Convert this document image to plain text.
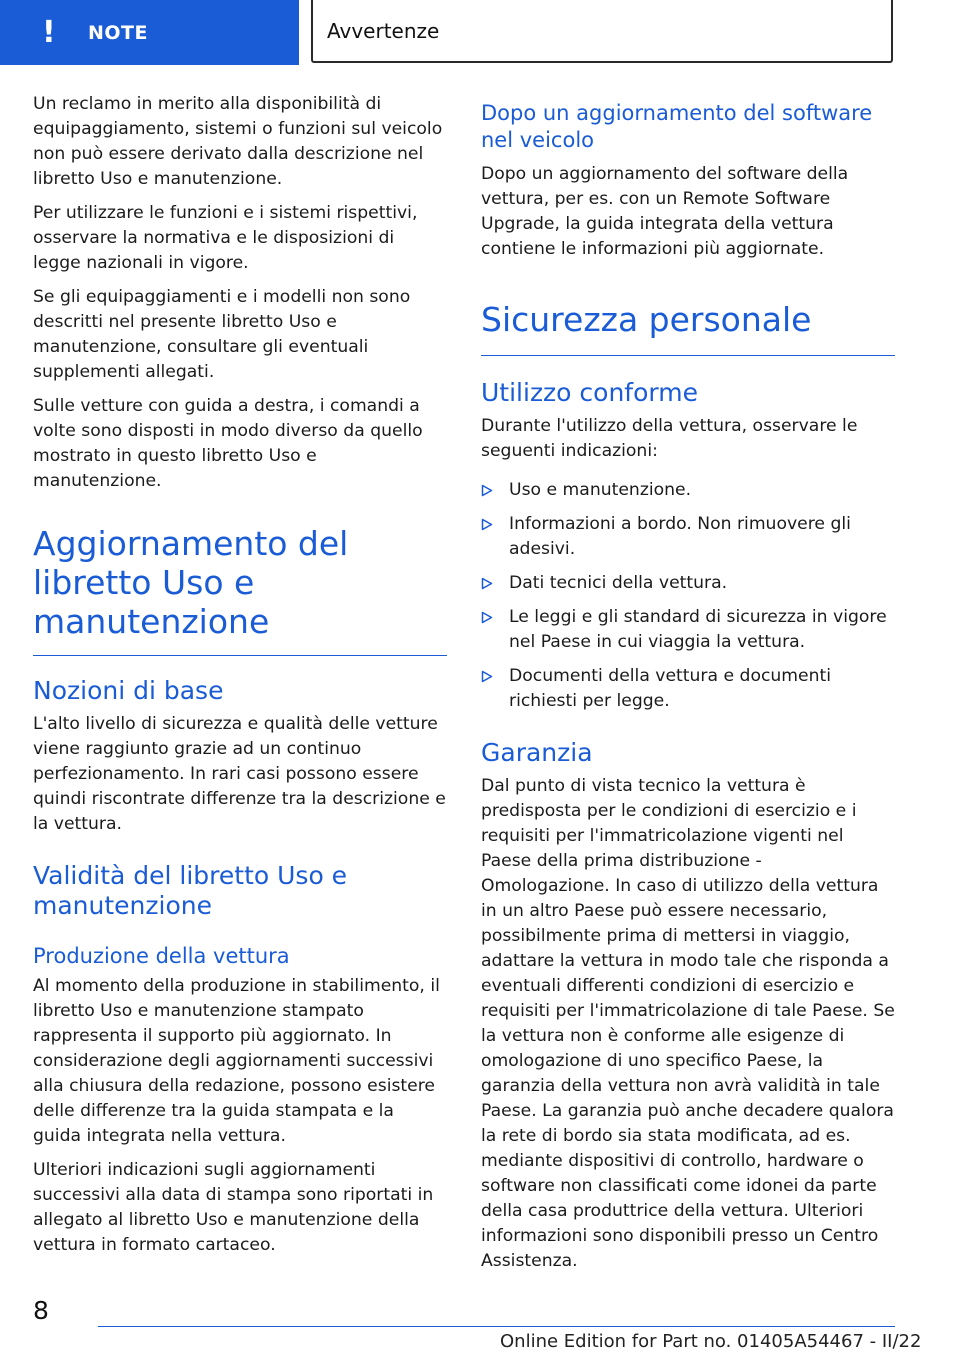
! NOTE	Avvertenze

Un reclamo in merito alla disponibilità di equipaggiamento, sistemi o funzioni sul veicolo non può essere derivato dalla descrizione nel libretto Uso e manutenzione.

Per utilizzare le funzioni e i sistemi rispettivi, osservare la normativa e le disposizioni di legge nazionali in vigore.

Se gli equipaggiamenti e i modelli non sono descritti nel presente libretto Uso e manutenzione, consultare gli eventuali supplementi allegati.

Sulle vetture con guida a destra, i comandi a volte sono disposti in modo diverso da quello mostrato in questo libretto Uso e manutenzione.

Aggiornamento del libretto Uso e manutenzione
Nozioni di base

L'alto livello di sicurezza e qualità delle vetture viene raggiunto grazie ad un continuo perfezionamento. In rari casi possono essere quindi riscontrate differenze tra la descrizione e la vettura.

Validità del libretto Uso e manutenzione
Produzione della vettura

Al momento della produzione in stabilimento, il libretto Uso e manutenzione stampato rappresenta il supporto più aggiornato. In considerazione degli aggiornamenti successivi alla chiusura della redazione, possono esistere delle differenze tra la guida stampata e la guida integrata nella vettura.

Ulteriori indicazioni sugli aggiornamenti successivi alla data di stampa sono riportati in allegato al libretto Uso e manutenzione della vettura in formato cartaceo.

Dopo un aggiornamento del software nel veicolo

Dopo un aggiornamento del software della vettura, per es. con un Remote Software Upgrade, la guida integrata della vettura contiene le informazioni più aggiornate.

Sicurezza personale
Utilizzo conforme

Durante l'utilizzo della vettura, osservare le seguenti indicazioni:

Uso e manutenzione.
Informazioni a bordo. Non rimuovere gli adesivi.
Dati tecnici della vettura.
Le leggi e gli standard di sicurezza in vigore nel Paese in cui viaggia la vettura.
Documenti della vettura e documenti richiesti per legge.
Garanzia

Dal punto di vista tecnico la vettura è predisposta per le condizioni di esercizio e i requisiti per l'immatricolazione vigenti nel Paese della prima distribuzione - Omologazione. In caso di utilizzo della vettura in un altro Paese può essere necessario, possibilmente prima di mettersi in viaggio, adattare la vettura in modo tale che risponda a eventuali differenti condizioni di esercizio e requisiti per l'immatricolazione di tale Paese. Se la vettura non è conforme alle esigenze di omologazione di uno specifico Paese, la garanzia della vettura non avrà validità in tale Paese. La garanzia può anche decadere qualora la rete di bordo sia stata modificata, ad es. mediante dispositivi di controllo, hardware o software non classificati come idonei da parte della casa produttrice della vettura. Ulteriori informazioni sono disponibili presso un Centro Assistenza.

8
Online Edition for Part no. 01405A54467 - II/22
